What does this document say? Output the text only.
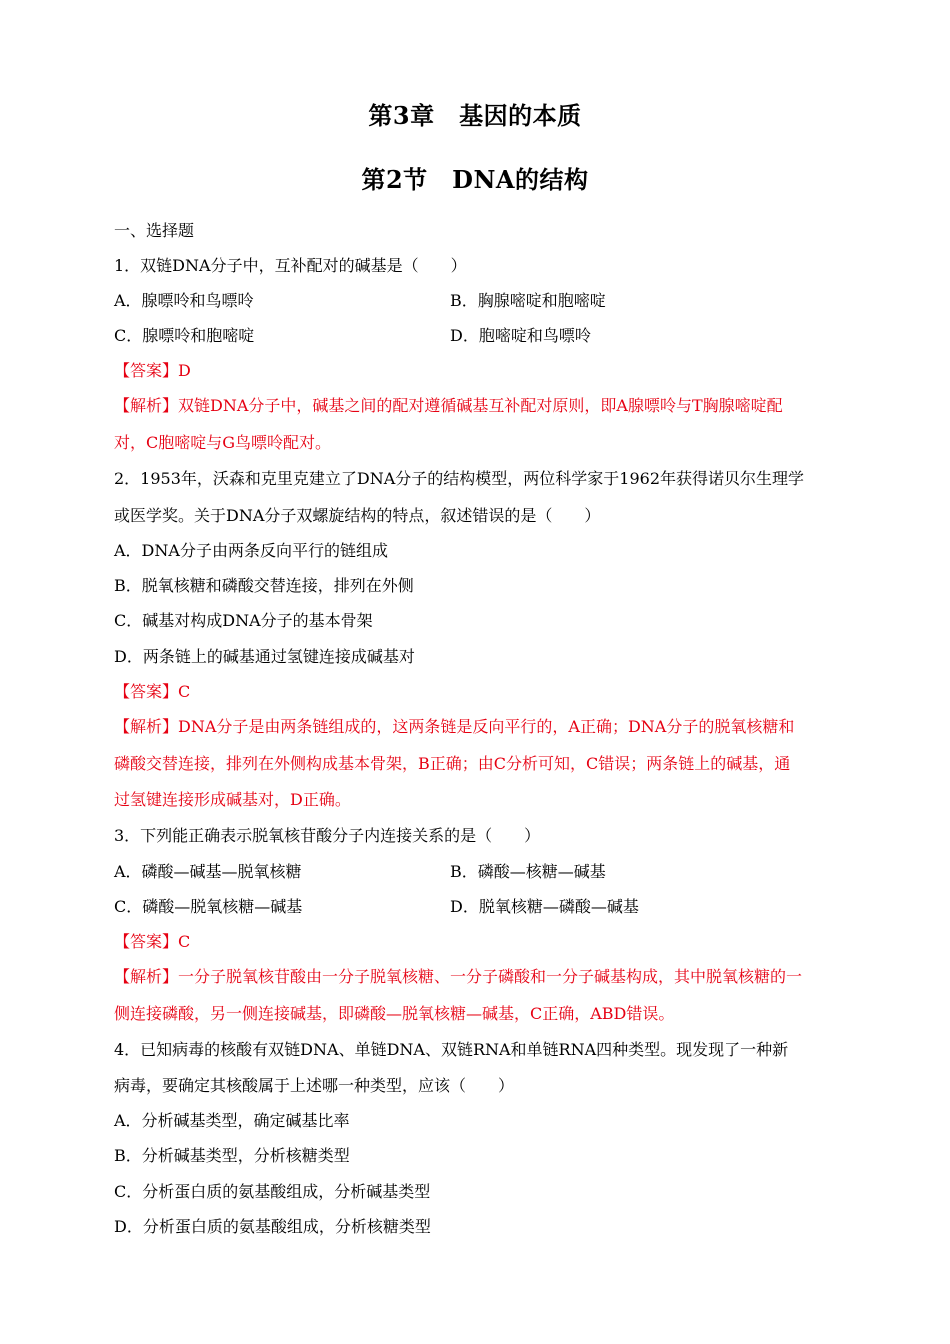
第3章　基因的本质
第2节　DNA的结构
一、选择题
1．双链DNA分子中，互补配对的碱基是（　　）
A．腺嘌呤和鸟嘌呤	B．胸腺嘧啶和胞嘧啶
C．腺嘌呤和胞嘧啶	D．胞嘧啶和鸟嘌呤
【答案】D
【解析】双链DNA分子中，碱基之间的配对遵循碱基互补配对原则，即A腺嘌呤与T胸腺嘧啶配
对，C胞嘧啶与G鸟嘌呤配对。
2．1953年，沃森和克里克建立了DNA分子的结构模型，两位科学家于1962年获得诺贝尔生理学
或医学奖。关于DNA分子双螺旋结构的特点，叙述错误的是（　　）
A．DNA分子由两条反向平行的链组成
B．脱氧核糖和磷酸交替连接，排列在外侧
C．碱基对构成DNA分子的基本骨架
D．两条链上的碱基通过氢键连接成碱基对
【答案】C
【解析】DNA分子是由两条链组成的，这两条链是反向平行的，A正确；DNA分子的脱氧核糖和
磷酸交替连接，排列在外侧构成基本骨架，B正确；由C分析可知，C错误；两条链上的碱基，通
过氢键连接形成碱基对，D正确。
3．下列能正确表示脱氧核苷酸分子内连接关系的是（　　）
A．磷酸—碱基—脱氧核糖	B．磷酸—核糖—碱基
C．磷酸—脱氧核糖—碱基	D．脱氧核糖—磷酸—碱基
【答案】C
【解析】一分子脱氧核苷酸由一分子脱氧核糖、一分子磷酸和一分子碱基构成，其中脱氧核糖的一
侧连接磷酸，另一侧连接碱基，即磷酸—脱氧核糖—碱基，C正确，ABD错误。
4．已知病毒的核酸有双链DNA、单链DNA、双链RNA和单链RNA四种类型。现发现了一种新
病毒，要确定其核酸属于上述哪一种类型，应该（　　）
A．分析碱基类型，确定碱基比率
B．分析碱基类型，分析核糖类型
C．分析蛋白质的氨基酸组成，分析碱基类型
D．分析蛋白质的氨基酸组成，分析核糖类型
